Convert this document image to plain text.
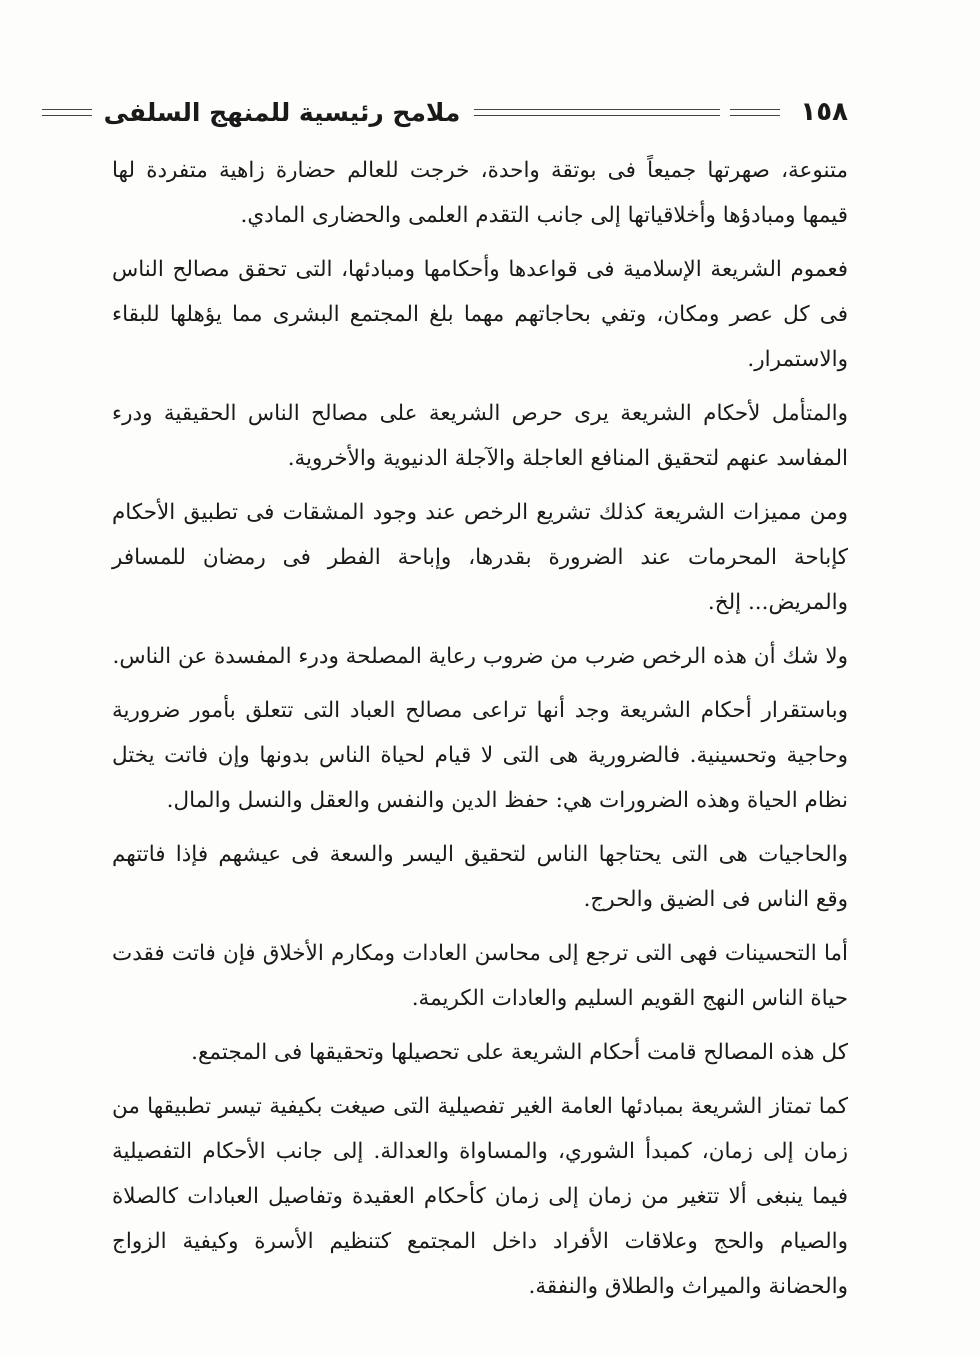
١٥٨
ملامح رئيسية للمنهج السلفى

متنوعة، صهرتها جميعاً فى بوتقة واحدة، خرجت للعالم حضارة زاهية متفردة لها قيمها ومبادؤها وأخلاقياتها إلى جانب التقدم العلمى والحضارى المادي.

فعموم الشريعة الإسلامية فى قواعدها وأحكامها ومبادئها، التى تحقق مصالح الناس فى كل عصر ومكان، وتفي بحاجاتهم مهما بلغ المجتمع البشرى مما يؤهلها للبقاء والاستمرار.

والمتأمل لأحكام الشريعة يرى حرص الشريعة على مصالح الناس الحقيقية ودرء المفاسد عنهم لتحقيق المنافع العاجلة والآجلة الدنيوية والأخروية.

ومن مميزات الشريعة كذلك تشريع الرخص عند وجود المشقات فى تطبيق الأحكام كإباحة المحرمات عند الضرورة بقدرها، وإباحة الفطر فى رمضان للمسافر والمريض... إلخ.

ولا شك أن هذه الرخص ضرب من ضروب رعاية المصلحة ودرء المفسدة عن الناس.

وباستقرار أحكام الشريعة وجد أنها تراعى مصالح العباد التى تتعلق بأمور ضرورية وحاجية وتحسينية. فالضرورية هى التى لا قيام لحياة الناس بدونها وإن فاتت يختل نظام الحياة وهذه الضرورات هي: حفظ الدين والنفس والعقل والنسل والمال.

والحاجيات هى التى يحتاجها الناس لتحقيق اليسر والسعة فى عيشهم فإذا فاتتهم وقع الناس فى الضيق والحرج.

أما التحسينات فهى التى ترجع إلى محاسن العادات ومكارم الأخلاق فإن فاتت فقدت حياة الناس النهج القويم السليم والعادات الكريمة.

كل هذه المصالح قامت أحكام الشريعة على تحصيلها وتحقيقها فى المجتمع.

كما تمتاز الشريعة بمبادئها العامة الغير تفصيلية التى صيغت بكيفية تيسر تطبيقها من زمان إلى زمان، كمبدأ الشوري، والمساواة والعدالة. إلى جانب الأحكام التفصيلية فيما ينبغى ألا تتغير من زمان إلى زمان كأحكام العقيدة وتفاصيل العبادات كالصلاة والصيام والحج وعلاقات الأفراد داخل المجتمع كتنظيم الأسرة وكيفية الزواج والحضانة والميراث والطلاق والنفقة.
